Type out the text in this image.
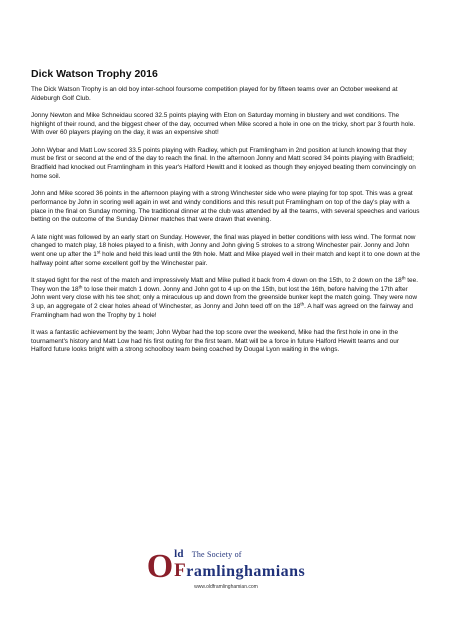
Dick Watson Trophy 2016

The Dick Watson Trophy is an old boy inter-school foursome competition played for by fifteen teams over an October weekend at Aldeburgh Golf Club.

Jonny Newton and Mike Schneidau scored 32.5 points playing with Eton on Saturday morning in blustery and wet conditions. The highlight of their round, and the biggest cheer of the day, occurred when Mike scored a hole in one on the tricky, short par 3 fourth hole. With over 60 players playing on the day, it was an expensive shot!

John Wybar and Matt Low scored 33.5 points playing with Radley, which put Framlingham in 2nd position at lunch knowing that they must be first or second at the end of the day to reach the final. In the afternoon Jonny and Matt scored 34 points playing with Bradfield; Bradfield had knocked out Framlingham in this year's Halford Hewitt and it looked as though they enjoyed beating them convincingly on home soil.

John and Mike scored 36 points in the afternoon playing with a strong Winchester side who were playing for top spot. This was a great performance by John in scoring well again in wet and windy conditions and this result put Framlingham on top of the day's play with a place in the final on Sunday morning. The traditional dinner at the club was attended by all the teams, with several speeches and various betting on the outcome of the Sunday Dinner matches that were drawn that evening.

A late night was followed by an early start on Sunday. However, the final was played in better conditions with less wind. The format now changed to match play, 18 holes played to a finish, with Jonny and John giving 5 strokes to a strong Winchester pair. Jonny and John went one up after the 1st hole and held this lead until the 9th hole. Matt and Mike played well in their match and kept it to one down at the halfway point after some excellent golf by the Winchester pair.

It stayed tight for the rest of the match and impressively Matt and Mike pulled it back from 4 down on the 15th, to 2 down on the 18th tee. They won the 18th to lose their match 1 down. Jonny and John got to 4 up on the 15th, but lost the 16th, before halving the 17th after John went very close with his tee shot; only a miraculous up and down from the greenside bunker kept the match going. They were now 3 up, an aggregate of 2 clear holes ahead of Winchester, as Jonny and John teed off on the 18th. A half was agreed on the fairway and Framlingham had won the Trophy by 1 hole!

It was a fantastic achievement by the team; John Wybar had the top score over the weekend, Mike had the first hole in one in the tournament's history and Matt Low had his first outing for the first team. Matt will be a force in future Halford Hewitt teams and our Halford future looks bright with a strong schoolboy team being coached by Dougal Lyon waiting in the wings.

O ld The Society of
Framlinghamians
www.oldframlinghamian.com
